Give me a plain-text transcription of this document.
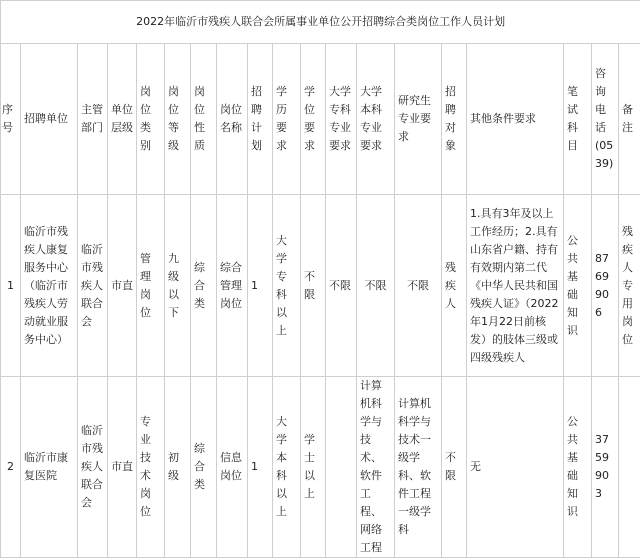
2022年临沂市残疾人联合会所属事业单位公开招聘综合类岗位工作人员计划																		
序号	招聘单位	主管部门	单位层级	岗位类别	岗位等级	岗位性质	岗位名称	招聘计划	学历要求	学位要求	大学专科专业要求	大学本科专业要求	研究生专业要求	招聘对象	其他条件要求	笔试科目	咨询电话(0539)	备注
1	临沂市残疾人康复服务中心（临沂市残疾人劳动就业服务中心）	临沂市残疾人联合会	市直	管理岗位	九级以下	综合类	综合管理岗位	1	大学专科以上	不限	不限	不限	不限	残疾人	1.具有3年及以上工作经历；2.具有山东省户籍、持有有效期内第二代《中华人民共和国残疾人证》（2022年1月22日前核发）的肢体三级或四级残疾人	公共基础知识	8769906	残疾人专用岗位
2	临沂市康复医院	临沂市残疾人联合会	市直	专业技术岗位	初级	综合类	信息岗位	1	大学本科以上	学士以上		计算机科学与技术、软件工程、网络工程	计算机科学与技术一级学科、软件工程一级学科	不限	无	公共基础知识	3759903	
